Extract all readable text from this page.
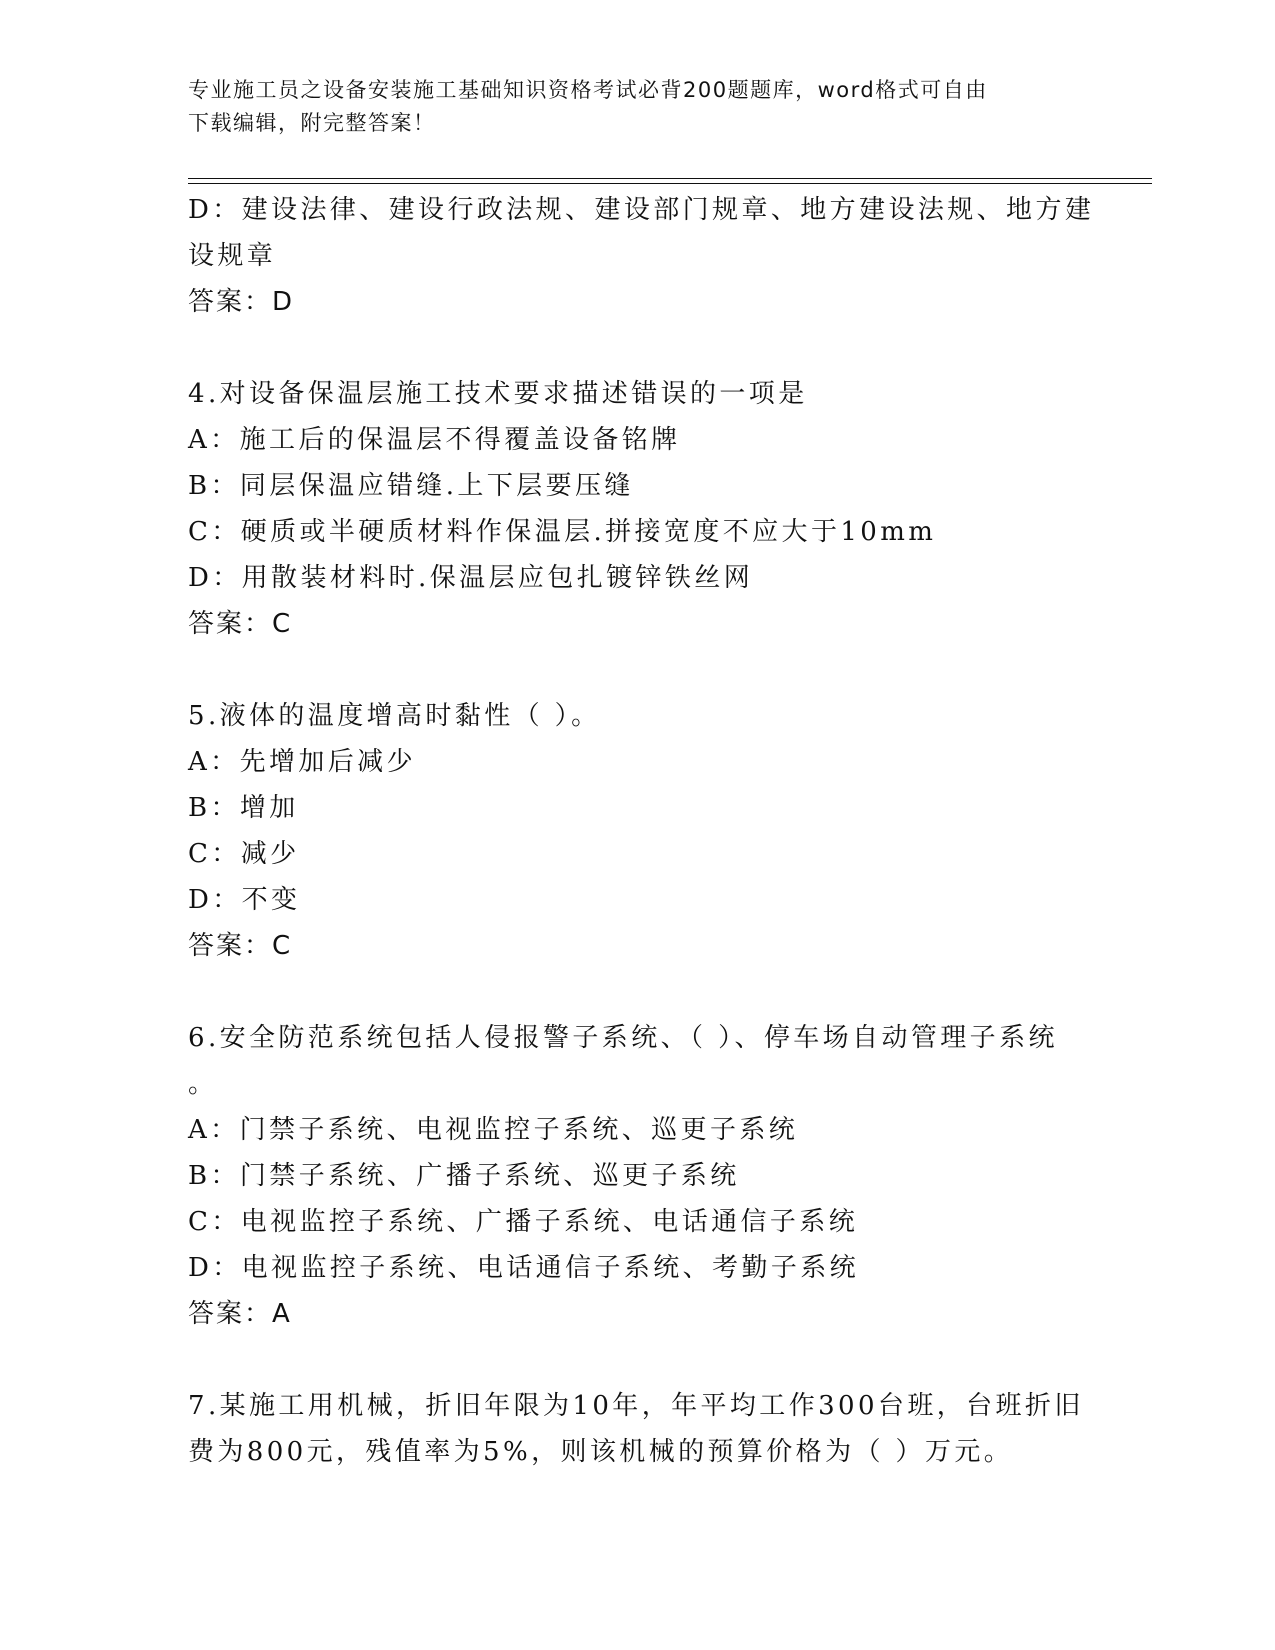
专业施工员之设备安装施工基础知识资格考试必背200题题库，word格式可自由
下载编辑，附完整答案！
D：建设法律、建设行政法规、建设部门规章、地方建设法规、地方建
设规章
答案：D
4.对设备保温层施工技术要求描述错误的一项是
A：施工后的保温层不得覆盖设备铭牌
B：同层保温应错缝.上下层要压缝
C：硬质或半硬质材料作保温层.拼接宽度不应大于10mm
D：用散装材料时.保温层应包扎镀锌铁丝网
答案：C
5.液体的温度增高时黏性（ ）。
A：先增加后减少
B：增加
C：减少
D：不变
答案：C
6.安全防范系统包括人侵报警子系统、（ ）、停车场自动管理子系统
。
A：门禁子系统、电视监控子系统、巡更子系统
B：门禁子系统、广播子系统、巡更子系统
C：电视监控子系统、广播子系统、电话通信子系统
D：电视监控子系统、电话通信子系统、考勤子系统
答案：A
7.某施工用机械，折旧年限为10年，年平均工作300台班，台班折旧
费为800元，残值率为5%，则该机械的预算价格为（ ）万元。
